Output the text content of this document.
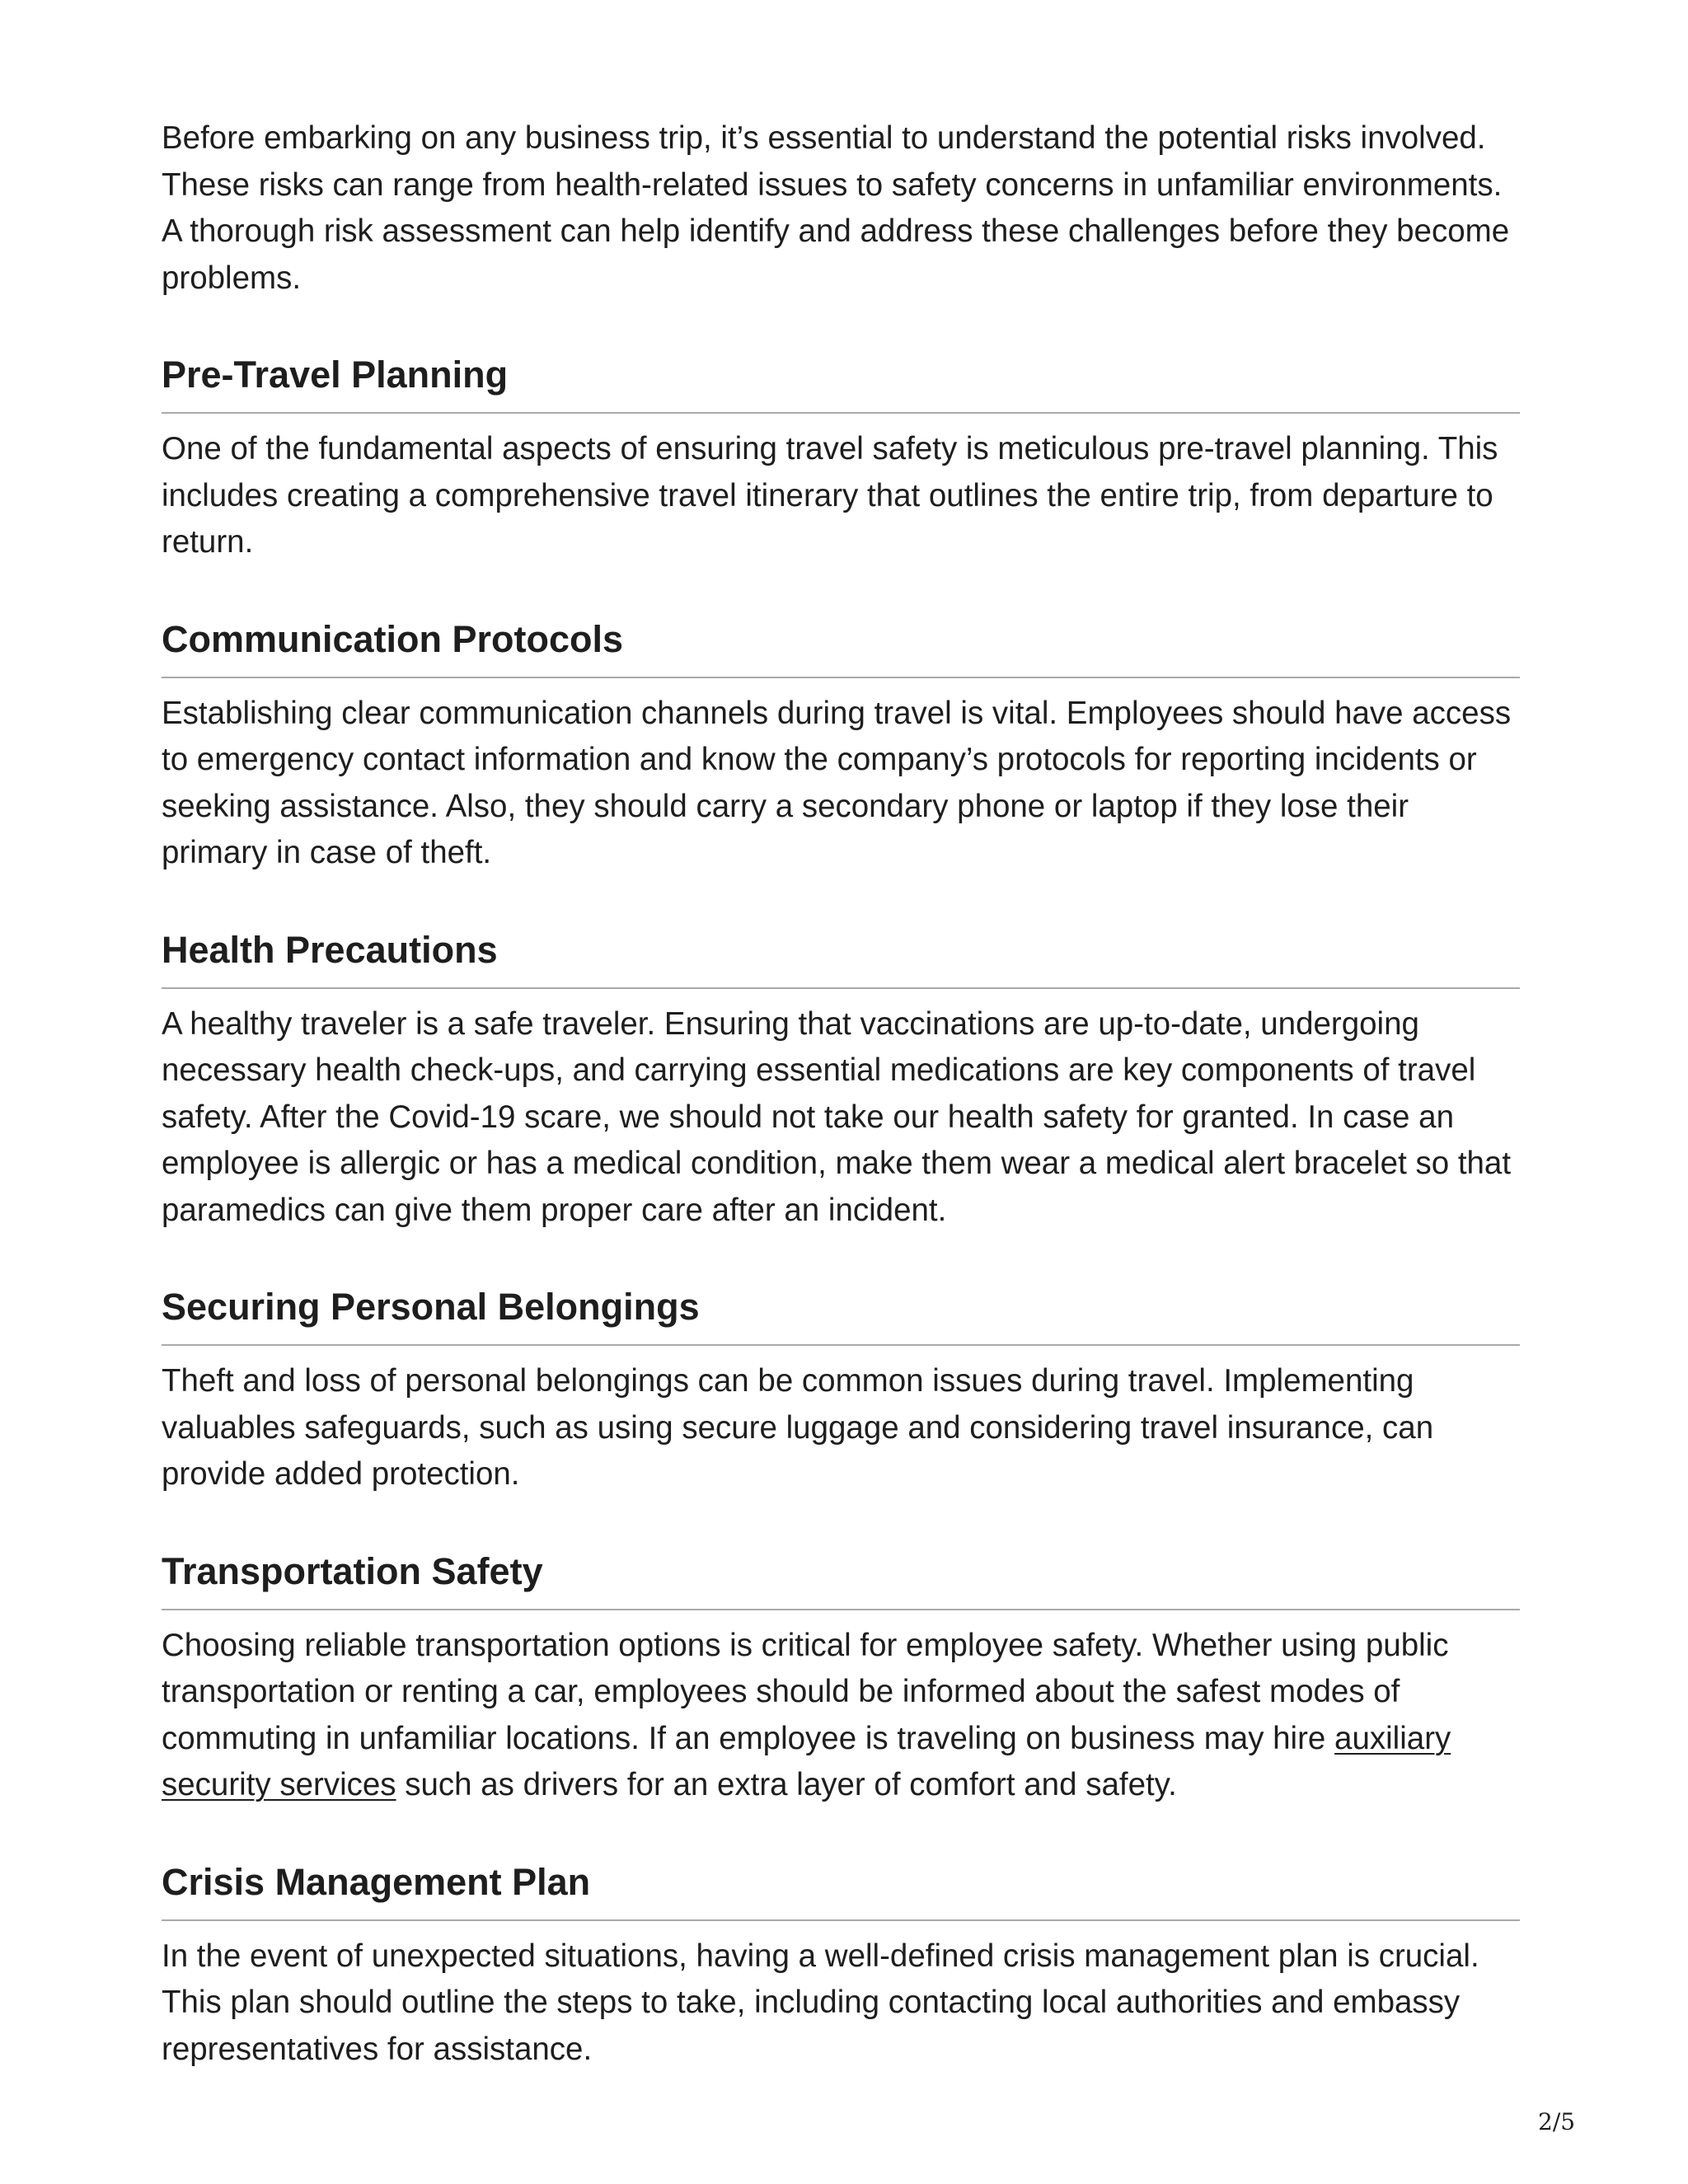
Before embarking on any business trip, it’s essential to understand the potential risks involved. These risks can range from health-related issues to safety concerns in unfamiliar environments. A thorough risk assessment can help identify and address these challenges before they become problems.

Pre-Travel Planning

One of the fundamental aspects of ensuring travel safety is meticulous pre-travel planning. This includes creating a comprehensive travel itinerary that outlines the entire trip, from departure to return.

Communication Protocols

Establishing clear communication channels during travel is vital. Employees should have access to emergency contact information and know the company’s protocols for reporting incidents or seeking assistance. Also, they should carry a secondary phone or laptop if they lose their primary in case of theft.

Health Precautions

A healthy traveler is a safe traveler. Ensuring that vaccinations are up-to-date, undergoing necessary health check-ups, and carrying essential medications are key components of travel safety. After the Covid-19 scare, we should not take our health safety for granted. In case an employee is allergic or has a medical condition, make them wear a medical alert bracelet so that paramedics can give them proper care after an incident.

Securing Personal Belongings

Theft and loss of personal belongings can be common issues during travel. Implementing valuables safeguards, such as using secure luggage and considering travel insurance, can provide added protection.

Transportation Safety

Choosing reliable transportation options is critical for employee safety. Whether using public transportation or renting a car, employees should be informed about the safest modes of commuting in unfamiliar locations. If an employee is traveling on business may hire auxiliary security services such as drivers for an extra layer of comfort and safety.

Crisis Management Plan

In the event of unexpected situations, having a well-defined crisis management plan is crucial. This plan should outline the steps to take, including contacting local authorities and embassy representatives for assistance.

2/5
